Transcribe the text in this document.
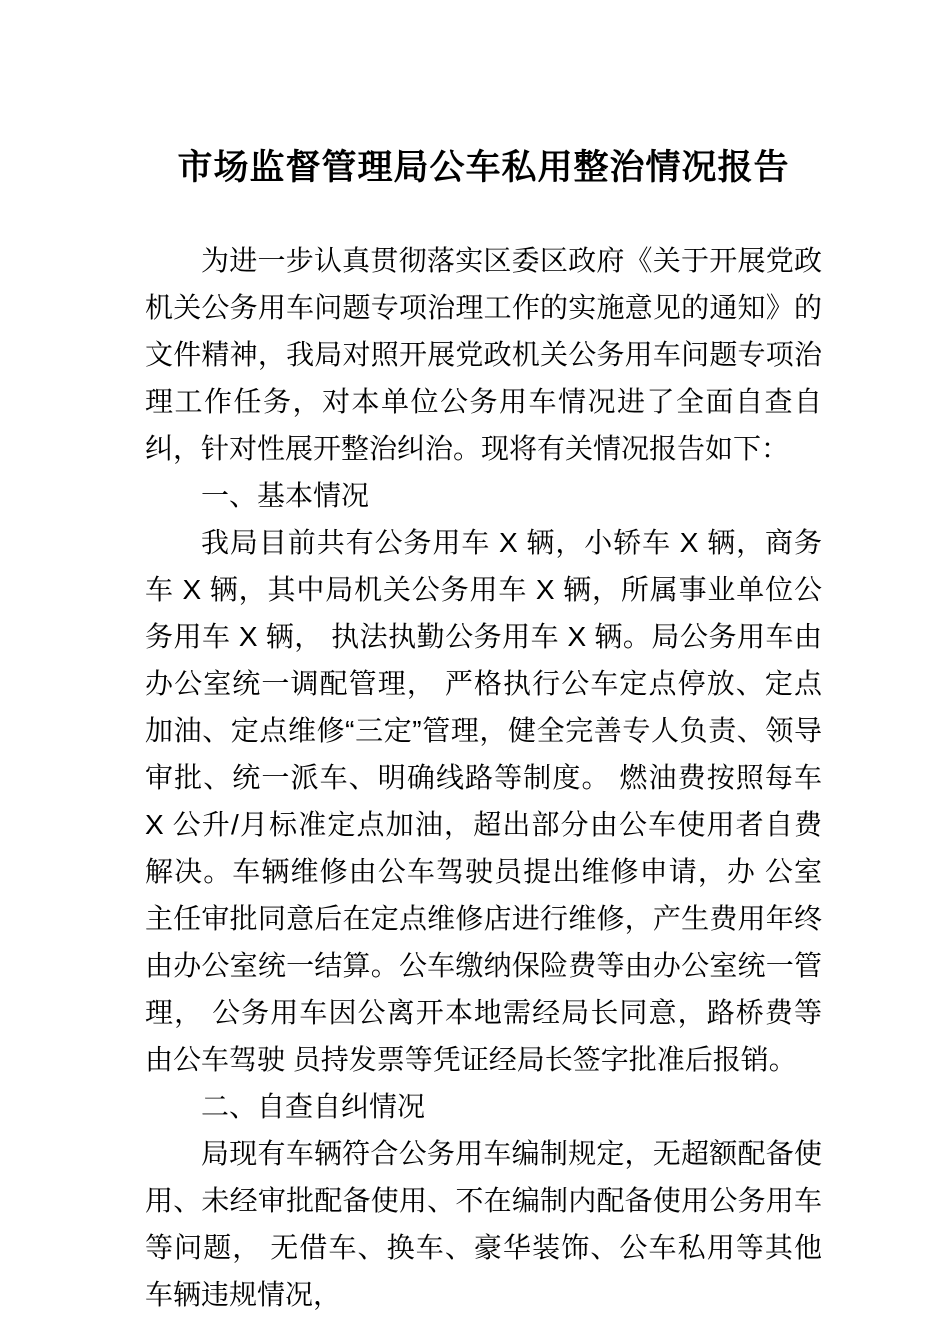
市场监督管理局公车私用整治情况报告

为进一步认真贯彻落实区委区政府《关于开展党政机关公务用车问题专项治理工作的实施意见的通知》的文件精神，我局对照开展党政机关公务用车问题专项治理工作任务，对本单位公务用车情况进了全面自查自纠，针对性展开整治纠治。现将有关情况报告如下：

一、基本情况

我局目前共有公务用车 X 辆，小轿车 X 辆，商务车 X 辆，其中局机关公务用车 X 辆，所属事业单位公务用车 X 辆， 执法执勤公务用车 X 辆。局公务用车由办公室统一调配管理， 严格执行公车定点停放、定点加油、定点维修“三定”管理，健全完善专人负责、领导审批、统一派车、明确线路等制度。 燃油费按照每车 X 公升/月标准定点加油，超出部分由公车使用者自费解决。车辆维修由公车驾驶员提出维修申请，办 公室主任审批同意后在定点维修店进行维修，产生费用年终由办公室统一结算。公车缴纳保险费等由办公室统一管理， 公务用车因公离开本地需经局长同意，路桥费等由公车驾驶 员持发票等凭证经局长签字批准后报销。

二、自查自纠情况

局现有车辆符合公务用车编制规定，无超额配备使用、未经审批配备使用、不在编制内配备使用公务用车等问题， 无借车、换车、豪华装饰、公车私用等其他车辆违规情况，
